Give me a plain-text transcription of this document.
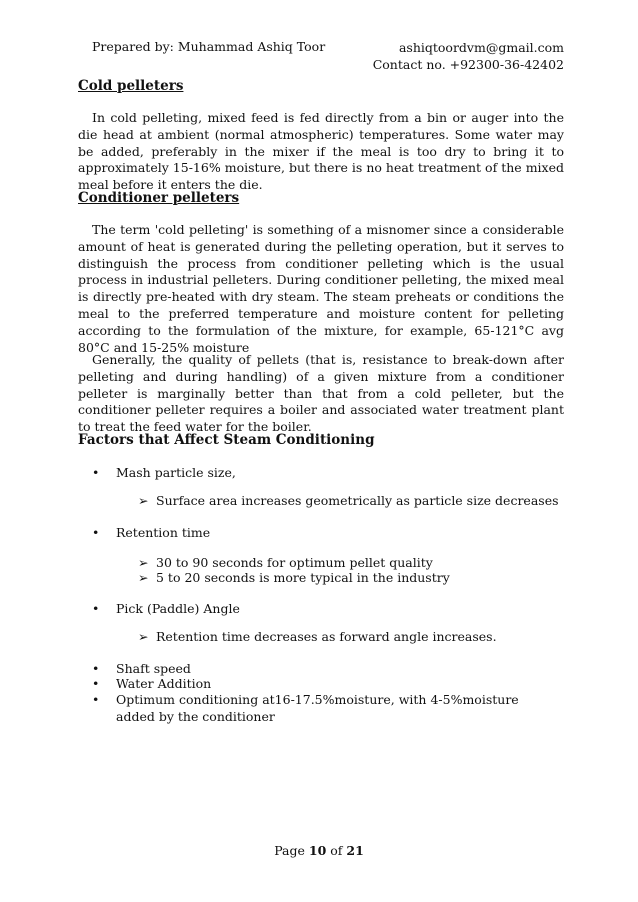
Prepared by: Muhammad Ashiq Toor	ashiqtoordvm@gmail.com
Contact no. +92300-36-42402
Cold pelleters
In cold pelleting, mixed feed is fed directly from a bin or auger into the die head at ambient (normal atmospheric) temperatures. Some water may be added, preferably in the mixer if the meal is too dry to bring it to approximately 15-16% moisture, but there is no heat treatment of the mixed meal before it enters the die.
Conditioner pelleters
The term 'cold pelleting' is something of a misnomer since a considerable amount of heat is generated during the pelleting operation, but it serves to distinguish the process from conditioner pelleting which is the usual process in industrial pelleters. During conditioner pelleting, the mixed meal is directly pre-heated with dry steam. The steam preheats or conditions the meal to the preferred temperature and moisture content for pelleting according to the formulation of the mixture, for example, 65-121°C avg 80°C and 15-25% moisture
Generally, the quality of pellets (that is, resistance to break-down after pelleting and during handling) of a given mixture from a conditioner pelleter is marginally better than that from a cold pelleter, but the conditioner pelleter requires a boiler and associated water treatment plant to treat the feed water for the boiler.
Factors that Affect Steam Conditioning
• Mash particle size,
➢ Surface area increases geometrically as particle size decreases
• Retention time
➢ 30 to 90 seconds for optimum pellet quality
➢ 5 to 20 seconds is more typical in the industry
• Pick (Paddle) Angle
➢ Retention time decreases as forward angle increases.
• Shaft speed
• Water Addition
• Optimum conditioning at16-17.5%moisture, with 4-5%moisture added by the conditioner
Page 10 of 21
